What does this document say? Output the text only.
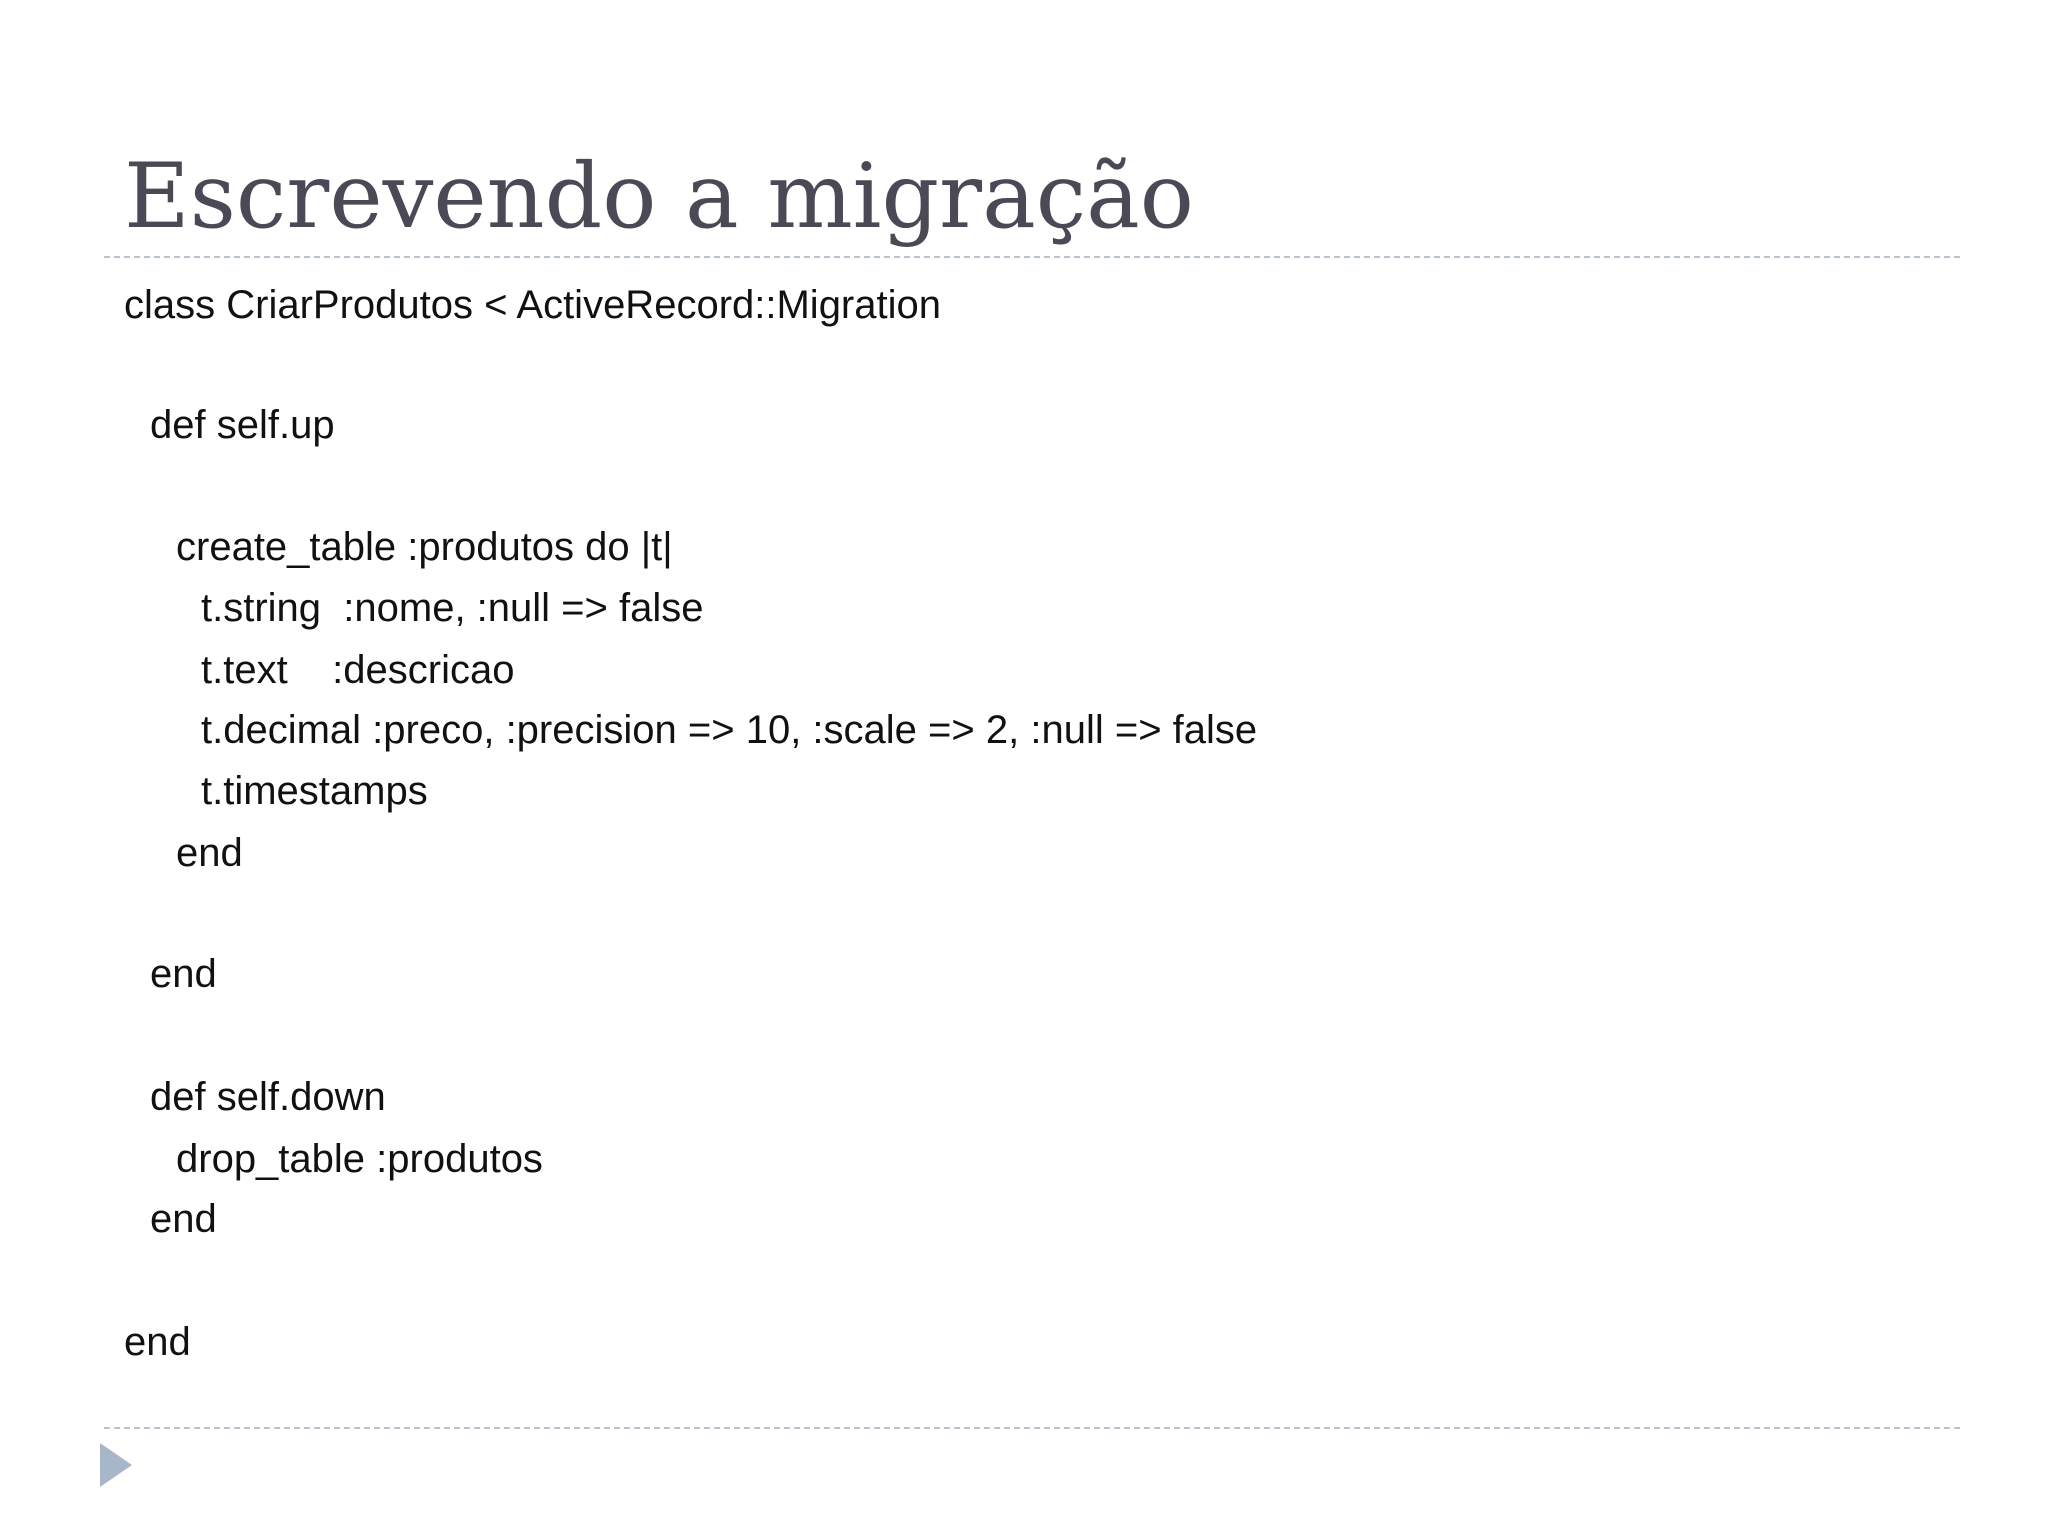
Escrevendo a migração
class CriarProdutos < ActiveRecord::Migration
def self.up
create_table :produtos do |t|
t.string  :nome, :null => false
t.text    :descricao
t.decimal :preco, :precision => 10, :scale => 2, :null => false
t.timestamps
end
end
def self.down
drop_table :produtos
end
end
